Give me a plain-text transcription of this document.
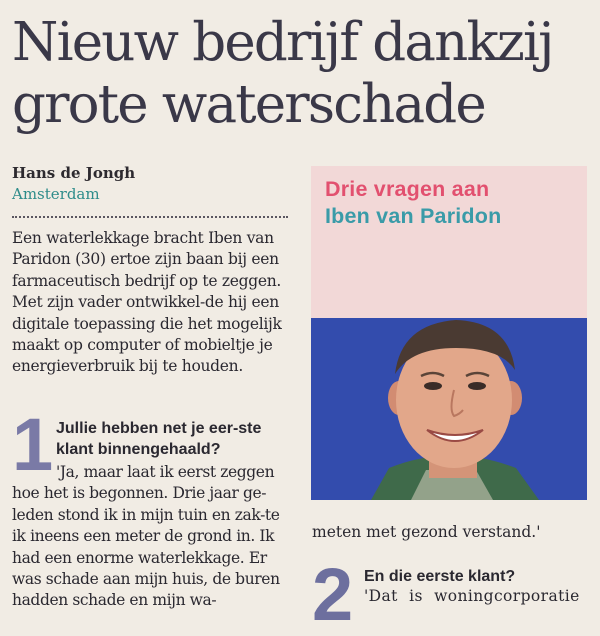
Nieuw bedrijf dankzij grote waterschade
Hans de Jongh
Amsterdam

Een waterlekkage bracht Iben van Paridon (30) ertoe zijn baan bij een farmaceutisch bedrijf op te zeggen. Met zijn vader ontwikkel-de hij een digitale toepassing die het mogelijk maakt op computer of mobieltje je energieverbruik bij te houden.

1 Jullie hebben net je eer-ste klant binnengehaald?

'Ja, maar laat ik eerst zeggen hoe het is begonnen. Drie jaar ge-leden stond ik in mijn tuin en zak-te ik ineens een meter de grond in. Ik had een enorme waterlekkage. Er was schade aan mijn huis, de buren hadden schade en mijn wa-

Drie vragen aan
Iben van Paridon

meten met gezond verstand.'

2 En die eerste klant?

'Dat is woningcorporatie
